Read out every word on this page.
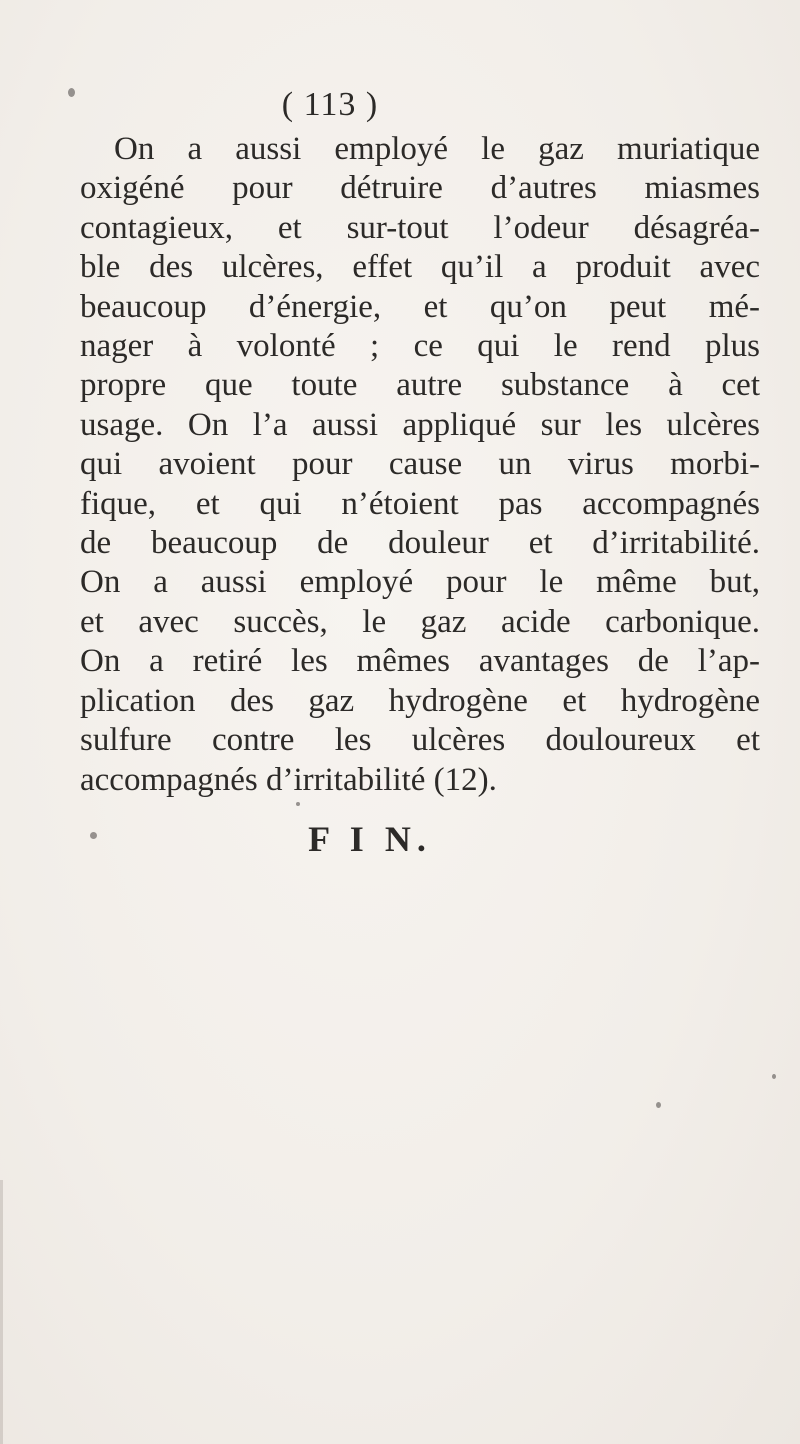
( 113 )
On a aussi employé le gaz muriatique
oxigéné pour détruire d’autres miasmes
contagieux, et sur-tout l’odeur désagréa-
ble des ulcères, effet qu’il a produit avec
beaucoup d’énergie, et qu’on peut mé-
nager à volonté ; ce qui le rend plus
propre que toute autre substance à cet
usage. On l’a aussi appliqué sur les ulcères
qui avoient pour cause un virus morbi-
fique, et qui n’étoient pas accompagnés
de beaucoup de douleur et d’irritabilité.
On a aussi employé pour le même but,
et avec succès, le gaz acide carbonique.
On a retiré les mêmes avantages de l’ap-
plication des gaz hydrogène et hydrogène
sulfure contre les ulcères douloureux et
accompagnés d’irritabilité (12).
F I N.
